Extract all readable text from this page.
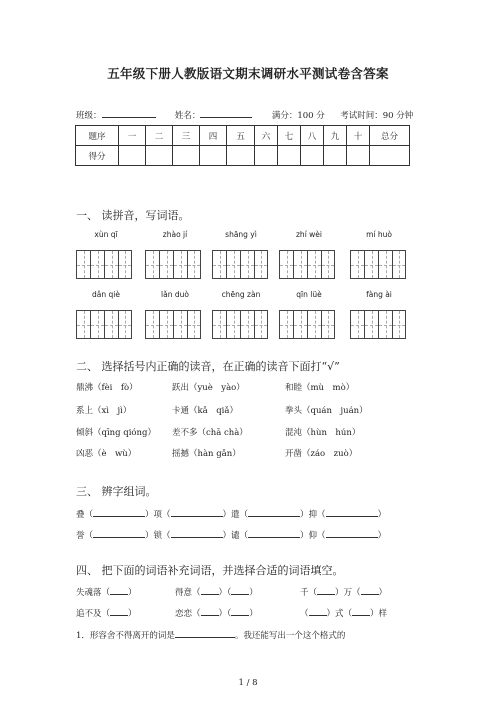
五年级下册人教版语文期末调研水平测试卷含答案
班级：	姓名：	满分：100 分 考试时间：90 分钟
题序	一	二	三	四	五	六	七	八	九	十	总分
得分											
一、 读拼音，写词语。
xùn qī	zhào jí	shāng yì	zhí wèi	mí huò
dǎn qiè	lǎn duò	chēng zàn	qīn lüè	fàng ài
二、 选择括号内正确的读音，在正确的读音下面打“√”
鼎沸（fèi　fò）	跃出（yuè　yào）	和睦（mù　mò）
系上（xì　jì）	卡通（kǎ　qiǎ）	拳头（quán　juán）
倾斜（qīng qióng） 差不多（chā chà）	混沌（hùn　hún）
凶恶（è　wù）	摇撼（hàn gǎn）	开凿（záo　zuò）
三、 辨字组词。
叠（	）项（	）遣（	）抑（	）
誉（	）锁（	）谴（	）仰（	）
四、 把下面的词语补充词语，并选择合适的词语填空。
失魂落（ ）	得意（ ）（ ）	千（ ）万（ ）
追不及（ ）	恋恋（ ）（ ）	（ ）式（ ）样
1．形容舍不得离开的词是	。我还能写出一个这个格式的
1 / 8
